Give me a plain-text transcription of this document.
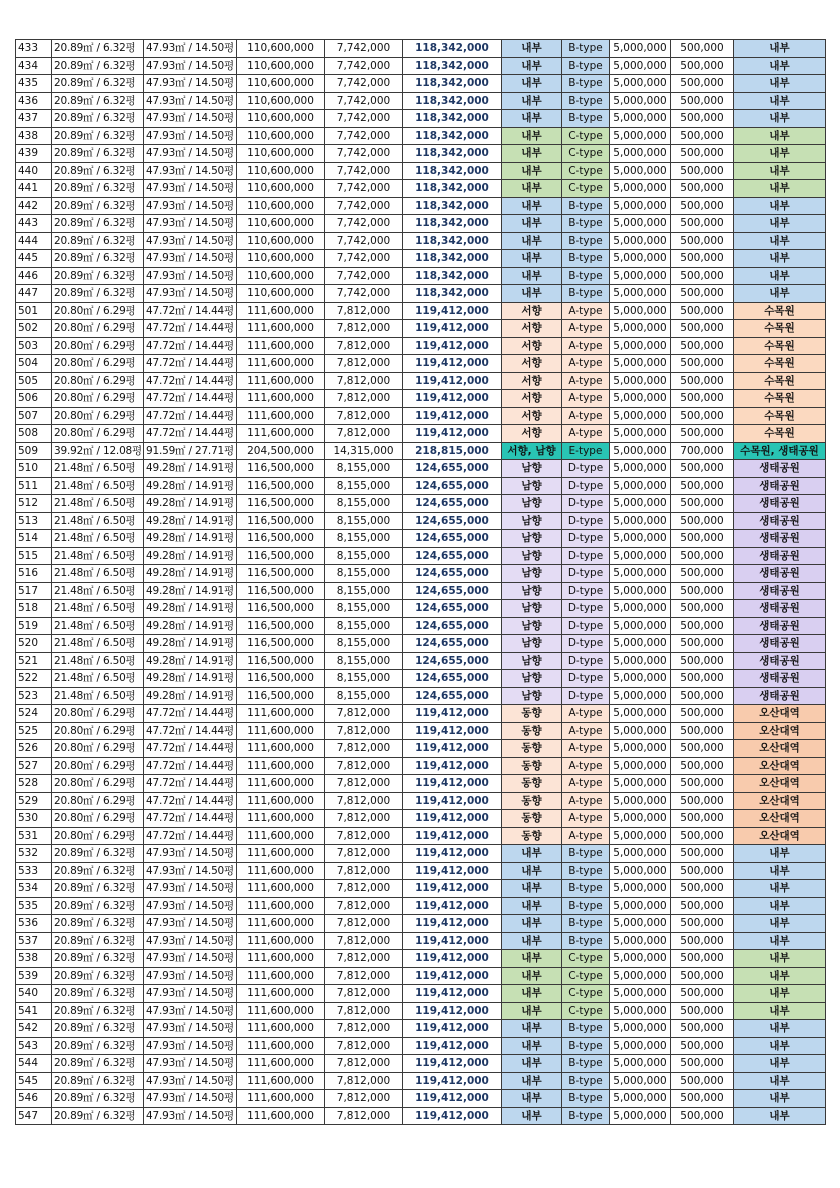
433	20.89㎡ / 6.32평	47.93㎡ / 14.50평	110,600,000	7,742,000	118,342,000	내부	B-type	5,000,000	500,000	내부
434	20.89㎡ / 6.32평	47.93㎡ / 14.50평	110,600,000	7,742,000	118,342,000	내부	B-type	5,000,000	500,000	내부
435	20.89㎡ / 6.32평	47.93㎡ / 14.50평	110,600,000	7,742,000	118,342,000	내부	B-type	5,000,000	500,000	내부
436	20.89㎡ / 6.32평	47.93㎡ / 14.50평	110,600,000	7,742,000	118,342,000	내부	B-type	5,000,000	500,000	내부
437	20.89㎡ / 6.32평	47.93㎡ / 14.50평	110,600,000	7,742,000	118,342,000	내부	B-type	5,000,000	500,000	내부
438	20.89㎡ / 6.32평	47.93㎡ / 14.50평	110,600,000	7,742,000	118,342,000	내부	C-type	5,000,000	500,000	내부
439	20.89㎡ / 6.32평	47.93㎡ / 14.50평	110,600,000	7,742,000	118,342,000	내부	C-type	5,000,000	500,000	내부
440	20.89㎡ / 6.32평	47.93㎡ / 14.50평	110,600,000	7,742,000	118,342,000	내부	C-type	5,000,000	500,000	내부
441	20.89㎡ / 6.32평	47.93㎡ / 14.50평	110,600,000	7,742,000	118,342,000	내부	C-type	5,000,000	500,000	내부
442	20.89㎡ / 6.32평	47.93㎡ / 14.50평	110,600,000	7,742,000	118,342,000	내부	B-type	5,000,000	500,000	내부
443	20.89㎡ / 6.32평	47.93㎡ / 14.50평	110,600,000	7,742,000	118,342,000	내부	B-type	5,000,000	500,000	내부
444	20.89㎡ / 6.32평	47.93㎡ / 14.50평	110,600,000	7,742,000	118,342,000	내부	B-type	5,000,000	500,000	내부
445	20.89㎡ / 6.32평	47.93㎡ / 14.50평	110,600,000	7,742,000	118,342,000	내부	B-type	5,000,000	500,000	내부
446	20.89㎡ / 6.32평	47.93㎡ / 14.50평	110,600,000	7,742,000	118,342,000	내부	B-type	5,000,000	500,000	내부
447	20.89㎡ / 6.32평	47.93㎡ / 14.50평	110,600,000	7,742,000	118,342,000	내부	B-type	5,000,000	500,000	내부
501	20.80㎡ / 6.29평	47.72㎡ / 14.44평	111,600,000	7,812,000	119,412,000	서향	A-type	5,000,000	500,000	수목원
502	20.80㎡ / 6.29평	47.72㎡ / 14.44평	111,600,000	7,812,000	119,412,000	서향	A-type	5,000,000	500,000	수목원
503	20.80㎡ / 6.29평	47.72㎡ / 14.44평	111,600,000	7,812,000	119,412,000	서향	A-type	5,000,000	500,000	수목원
504	20.80㎡ / 6.29평	47.72㎡ / 14.44평	111,600,000	7,812,000	119,412,000	서향	A-type	5,000,000	500,000	수목원
505	20.80㎡ / 6.29평	47.72㎡ / 14.44평	111,600,000	7,812,000	119,412,000	서향	A-type	5,000,000	500,000	수목원
506	20.80㎡ / 6.29평	47.72㎡ / 14.44평	111,600,000	7,812,000	119,412,000	서향	A-type	5,000,000	500,000	수목원
507	20.80㎡ / 6.29평	47.72㎡ / 14.44평	111,600,000	7,812,000	119,412,000	서향	A-type	5,000,000	500,000	수목원
508	20.80㎡ / 6.29평	47.72㎡ / 14.44평	111,600,000	7,812,000	119,412,000	서향	A-type	5,000,000	500,000	수목원
509	39.92㎡ / 12.08평	91.59㎡ / 27.71평	204,500,000	14,315,000	218,815,000	서향, 남향	E-type	5,000,000	700,000	수목원, 생태공원
510	21.48㎡ / 6.50평	49.28㎡ / 14.91평	116,500,000	8,155,000	124,655,000	남향	D-type	5,000,000	500,000	생태공원
511	21.48㎡ / 6.50평	49.28㎡ / 14.91평	116,500,000	8,155,000	124,655,000	남향	D-type	5,000,000	500,000	생태공원
512	21.48㎡ / 6.50평	49.28㎡ / 14.91평	116,500,000	8,155,000	124,655,000	남향	D-type	5,000,000	500,000	생태공원
513	21.48㎡ / 6.50평	49.28㎡ / 14.91평	116,500,000	8,155,000	124,655,000	남향	D-type	5,000,000	500,000	생태공원
514	21.48㎡ / 6.50평	49.28㎡ / 14.91평	116,500,000	8,155,000	124,655,000	남향	D-type	5,000,000	500,000	생태공원
515	21.48㎡ / 6.50평	49.28㎡ / 14.91평	116,500,000	8,155,000	124,655,000	남향	D-type	5,000,000	500,000	생태공원
516	21.48㎡ / 6.50평	49.28㎡ / 14.91평	116,500,000	8,155,000	124,655,000	남향	D-type	5,000,000	500,000	생태공원
517	21.48㎡ / 6.50평	49.28㎡ / 14.91평	116,500,000	8,155,000	124,655,000	남향	D-type	5,000,000	500,000	생태공원
518	21.48㎡ / 6.50평	49.28㎡ / 14.91평	116,500,000	8,155,000	124,655,000	남향	D-type	5,000,000	500,000	생태공원
519	21.48㎡ / 6.50평	49.28㎡ / 14.91평	116,500,000	8,155,000	124,655,000	남향	D-type	5,000,000	500,000	생태공원
520	21.48㎡ / 6.50평	49.28㎡ / 14.91평	116,500,000	8,155,000	124,655,000	남향	D-type	5,000,000	500,000	생태공원
521	21.48㎡ / 6.50평	49.28㎡ / 14.91평	116,500,000	8,155,000	124,655,000	남향	D-type	5,000,000	500,000	생태공원
522	21.48㎡ / 6.50평	49.28㎡ / 14.91평	116,500,000	8,155,000	124,655,000	남향	D-type	5,000,000	500,000	생태공원
523	21.48㎡ / 6.50평	49.28㎡ / 14.91평	116,500,000	8,155,000	124,655,000	남향	D-type	5,000,000	500,000	생태공원
524	20.80㎡ / 6.29평	47.72㎡ / 14.44평	111,600,000	7,812,000	119,412,000	동향	A-type	5,000,000	500,000	오산대역
525	20.80㎡ / 6.29평	47.72㎡ / 14.44평	111,600,000	7,812,000	119,412,000	동향	A-type	5,000,000	500,000	오산대역
526	20.80㎡ / 6.29평	47.72㎡ / 14.44평	111,600,000	7,812,000	119,412,000	동향	A-type	5,000,000	500,000	오산대역
527	20.80㎡ / 6.29평	47.72㎡ / 14.44평	111,600,000	7,812,000	119,412,000	동향	A-type	5,000,000	500,000	오산대역
528	20.80㎡ / 6.29평	47.72㎡ / 14.44평	111,600,000	7,812,000	119,412,000	동향	A-type	5,000,000	500,000	오산대역
529	20.80㎡ / 6.29평	47.72㎡ / 14.44평	111,600,000	7,812,000	119,412,000	동향	A-type	5,000,000	500,000	오산대역
530	20.80㎡ / 6.29평	47.72㎡ / 14.44평	111,600,000	7,812,000	119,412,000	동향	A-type	5,000,000	500,000	오산대역
531	20.80㎡ / 6.29평	47.72㎡ / 14.44평	111,600,000	7,812,000	119,412,000	동향	A-type	5,000,000	500,000	오산대역
532	20.89㎡ / 6.32평	47.93㎡ / 14.50평	111,600,000	7,812,000	119,412,000	내부	B-type	5,000,000	500,000	내부
533	20.89㎡ / 6.32평	47.93㎡ / 14.50평	111,600,000	7,812,000	119,412,000	내부	B-type	5,000,000	500,000	내부
534	20.89㎡ / 6.32평	47.93㎡ / 14.50평	111,600,000	7,812,000	119,412,000	내부	B-type	5,000,000	500,000	내부
535	20.89㎡ / 6.32평	47.93㎡ / 14.50평	111,600,000	7,812,000	119,412,000	내부	B-type	5,000,000	500,000	내부
536	20.89㎡ / 6.32평	47.93㎡ / 14.50평	111,600,000	7,812,000	119,412,000	내부	B-type	5,000,000	500,000	내부
537	20.89㎡ / 6.32평	47.93㎡ / 14.50평	111,600,000	7,812,000	119,412,000	내부	B-type	5,000,000	500,000	내부
538	20.89㎡ / 6.32평	47.93㎡ / 14.50평	111,600,000	7,812,000	119,412,000	내부	C-type	5,000,000	500,000	내부
539	20.89㎡ / 6.32평	47.93㎡ / 14.50평	111,600,000	7,812,000	119,412,000	내부	C-type	5,000,000	500,000	내부
540	20.89㎡ / 6.32평	47.93㎡ / 14.50평	111,600,000	7,812,000	119,412,000	내부	C-type	5,000,000	500,000	내부
541	20.89㎡ / 6.32평	47.93㎡ / 14.50평	111,600,000	7,812,000	119,412,000	내부	C-type	5,000,000	500,000	내부
542	20.89㎡ / 6.32평	47.93㎡ / 14.50평	111,600,000	7,812,000	119,412,000	내부	B-type	5,000,000	500,000	내부
543	20.89㎡ / 6.32평	47.93㎡ / 14.50평	111,600,000	7,812,000	119,412,000	내부	B-type	5,000,000	500,000	내부
544	20.89㎡ / 6.32평	47.93㎡ / 14.50평	111,600,000	7,812,000	119,412,000	내부	B-type	5,000,000	500,000	내부
545	20.89㎡ / 6.32평	47.93㎡ / 14.50평	111,600,000	7,812,000	119,412,000	내부	B-type	5,000,000	500,000	내부
546	20.89㎡ / 6.32평	47.93㎡ / 14.50평	111,600,000	7,812,000	119,412,000	내부	B-type	5,000,000	500,000	내부
547	20.89㎡ / 6.32평	47.93㎡ / 14.50평	111,600,000	7,812,000	119,412,000	내부	B-type	5,000,000	500,000	내부
